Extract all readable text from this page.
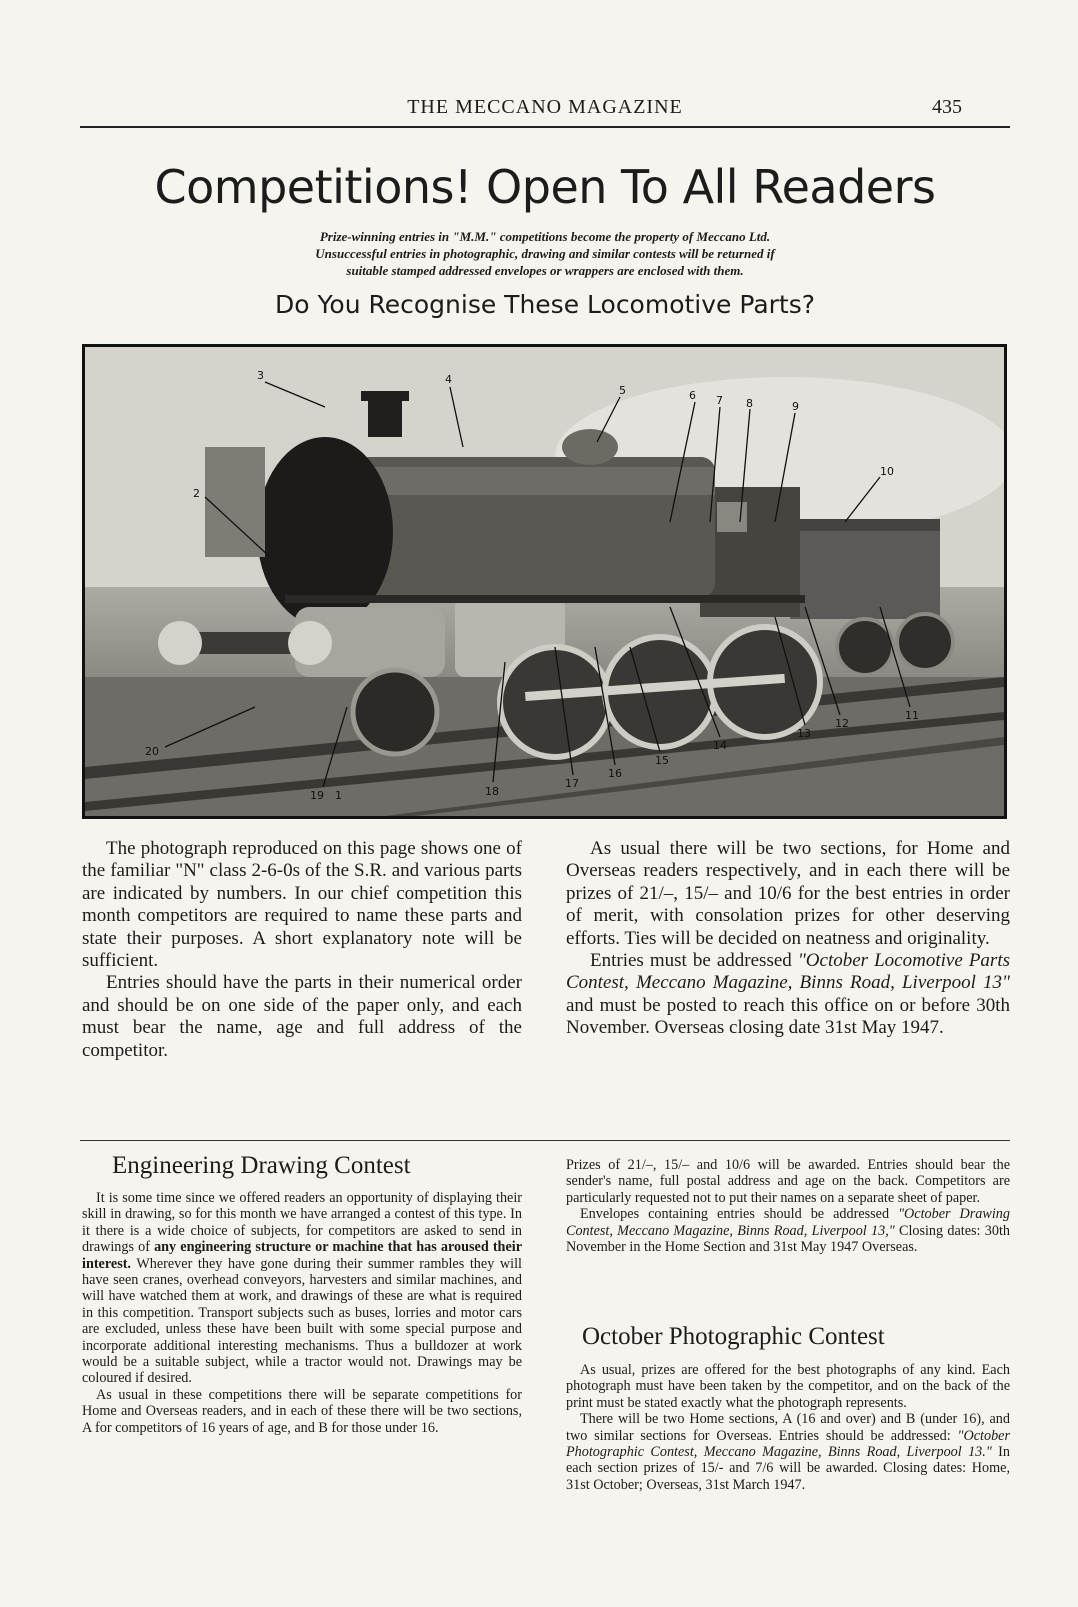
THE MECCANO MAGAZINE	435
Competitions! Open To All Readers
Prize-winning entries in "M.M." competitions become the property of Meccano Ltd.
Unsuccessful entries in photographic, drawing and similar contests will be returned if
suitable stamped addressed envelopes or wrappers are enclosed with them.
Do You Recognise These Locomotive Parts?
2
3	4
5	6 7 8	9
10
11
12
13
14
15
16
17
18
19 1
20

The photograph reproduced on this page shows one of the familiar "N" class 2-6-0s of the S.R. and various parts are indicated by numbers. In our chief competition this month competitors are required to name these parts and state their purposes. A short explanatory note will be sufficient.

Entries should have the parts in their numerical order and should be on one side of the paper only, and each must bear the name, age and full address of the competitor.

As usual there will be two sections, for Home and Overseas readers respectively, and in each there will be prizes of 21/–, 15/– and 10/6 for the best entries in order of merit, with consolation prizes for other deserving efforts. Ties will be decided on neatness and originality.

Entries must be addressed "October Locomotive Parts Contest, Meccano Magazine, Binns Road, Liverpool 13" and must be posted to reach this office on or before 30th November. Overseas closing date 31st May 1947.

Engineering Drawing Contest

It is some time since we offered readers an opportunity of displaying their skill in drawing, so for this month we have arranged a contest of this type. In it there is a wide choice of subjects, for competitors are asked to send in drawings of any engineering structure or machine that has aroused their interest. Wherever they have gone during their summer rambles they will have seen cranes, overhead conveyors, harvesters and similar machines, and will have watched them at work, and drawings of these are what is required in this competition. Transport subjects such as buses, lorries and motor cars are excluded, unless these have been built with some special purpose and incorporate additional interesting mechanisms. Thus a bulldozer at work would be a suitable subject, while a tractor would not. Drawings may be coloured if desired.

As usual in these competitions there will be separate competitions for Home and Overseas readers, and in each of these there will be two sections, A for competitors of 16 years of age, and B for those under 16.

Prizes of 21/–, 15/– and 10/6 will be awarded. Entries should bear the sender's name, full postal address and age on the back. Competitors are particularly requested not to put their names on a separate sheet of paper.

Envelopes containing entries should be addressed "October Drawing Contest, Meccano Magazine, Binns Road, Liverpool 13," Closing dates: 30th November in the Home Section and 31st May 1947 Overseas.

October Photographic Contest

As usual, prizes are offered for the best photographs of any kind. Each photograph must have been taken by the competitor, and on the back of the print must be stated exactly what the photograph represents.

There will be two Home sections, A (16 and over) and B (under 16), and two similar sections for Overseas. Entries should be addressed: "October Photographic Contest, Meccano Magazine, Binns Road, Liverpool 13." In each section prizes of 15/- and 7/6 will be awarded. Closing dates: Home, 31st October; Overseas, 31st March 1947.
